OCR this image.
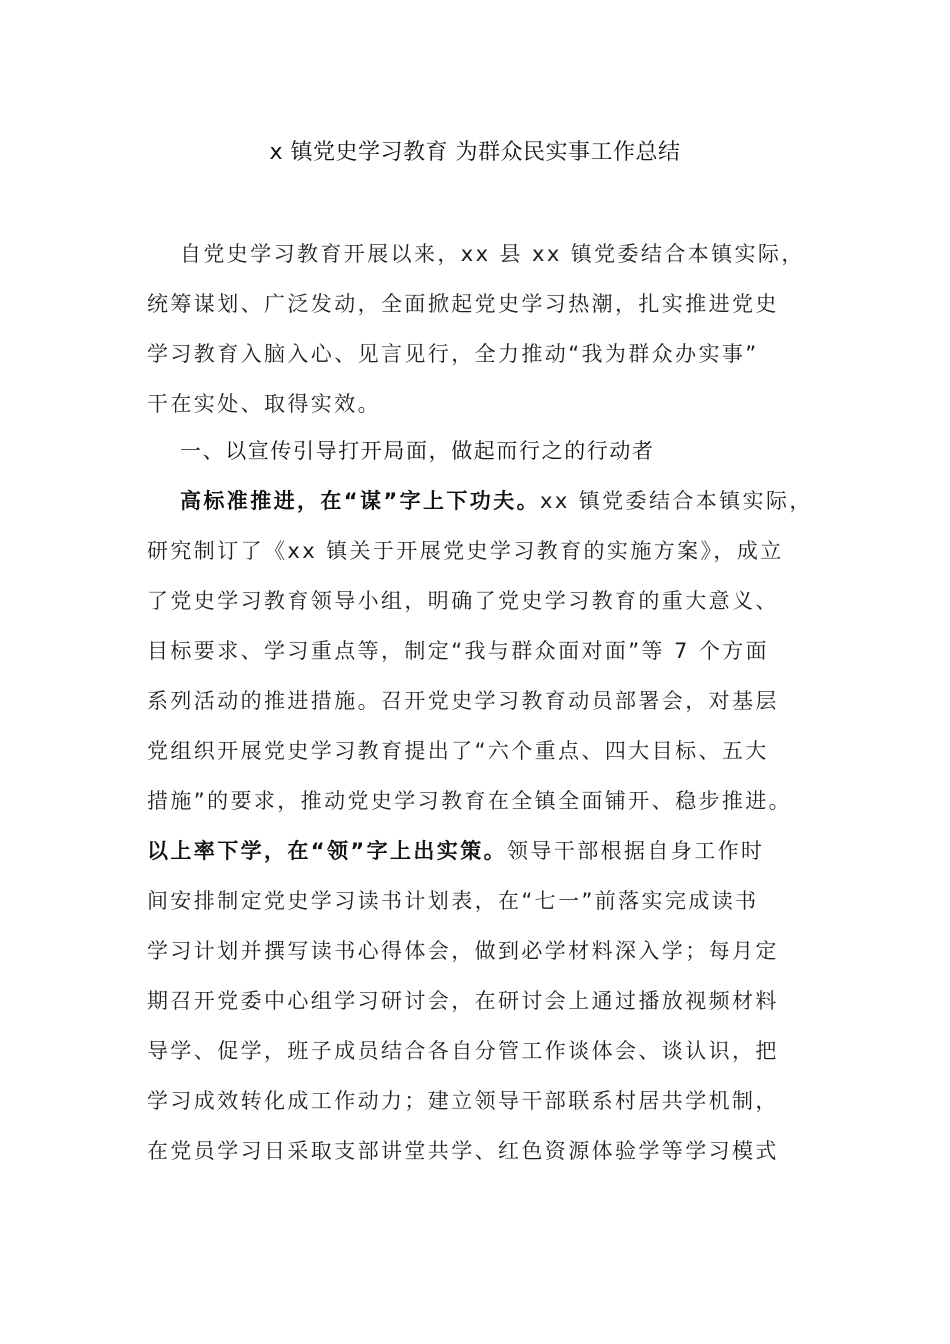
x 镇党史学习教育 为群众民实事工作总结
自党史学习教育开展以来，xx 县 xx 镇党委结合本镇实际，
统筹谋划、广泛发动，全面掀起党史学习热潮，扎实推进党史
学习教育入脑入心、见言见行，全力推动“我为群众办实事”
干在实处、取得实效。
一、以宣传引导打开局面，做起而行之的行动者
高标准推进，在“谋”字上下功夫。xx 镇党委结合本镇实际，
研究制订了《xx 镇关于开展党史学习教育的实施方案》，成立
了党史学习教育领导小组，明确了党史学习教育的重大意义、
目标要求、学习重点等，制定“我与群众面对面”等 7 个方面
系列活动的推进措施。召开党史学习教育动员部署会，对基层
党组织开展党史学习教育提出了“六个重点、四大目标、五大
措施”的要求，推动党史学习教育在全镇全面铺开、稳步推进。
以上率下学，在“领”字上出实策。领导干部根据自身工作时
间安排制定党史学习读书计划表，在“七一”前落实完成读书
学习计划并撰写读书心得体会，做到必学材料深入学；每月定
期召开党委中心组学习研讨会，在研讨会上通过播放视频材料
导学、促学，班子成员结合各自分管工作谈体会、谈认识，把
学习成效转化成工作动力；建立领导干部联系村居共学机制，
在党员学习日采取支部讲堂共学、红色资源体验学等学习模式
